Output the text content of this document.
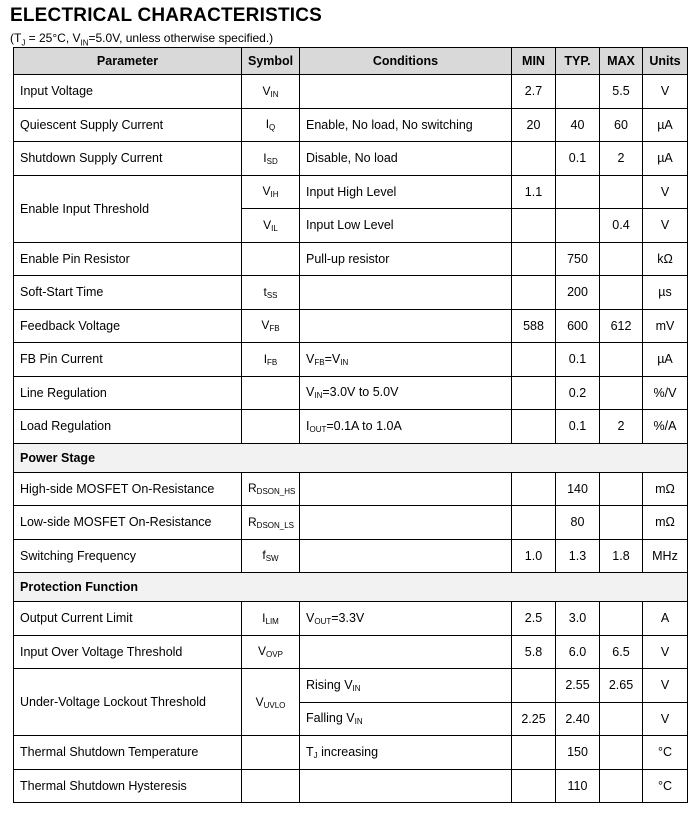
ELECTRICAL CHARACTERISTICS
($T_J = 25^\circ C$, $V_{IN}=5.0V$, unless otherwise specified.)
Parameter	Symbol	Conditions	MIN	TYP.	MAX	Units
Input Voltage	$V_{IN}$		2.7		5.5	V
Quiescent Supply Current	$I_Q$	Enable, No load, No switching	20	40	60	µA
Shutdown Supply Current	$I_{SD}$	Disable, No load		0.1	2	µA
Enable Input Threshold	$V_{IH}$	Input High Level	1.1			V
	$V_{IL}$	Input Low Level			0.4	V
Enable Pin Resistor		Pull-up resistor		750		kΩ
Soft-Start Time	$t_{SS}$			200		µs
Feedback Voltage	$V_{FB}$		588	600	612	mV
FB Pin Current	$I_{FB}$	$V_{FB}=V_{IN}$		0.1		µA
Line Regulation		$V_{IN}=3.0V$ to 5.0V		0.2		%/V
Load Regulation		$I_{OUT}=0.1A$ to 1.0A		0.1	2	%/A
Power Stage						
High-side MOSFET On-Resistance	$R_{DSON\_HS}$			140		mΩ
Low-side MOSFET On-Resistance	$R_{DSON\_LS}$			80		mΩ
Switching Frequency	$f_{SW}$		1.0	1.3	1.8	MHz
Protection Function						
Output Current Limit	$I_{LIM}$	$V_{OUT}=3.3V$	2.5	3.0		A
Input Over Voltage Threshold	$V_{OVP}$		5.8	6.0	6.5	V
Under-Voltage Lockout Threshold	$V_{UVLO}$	Rising $V_{IN}$		2.55	2.65	V
		Falling $V_{IN}$	2.25	2.40		V
Thermal Shutdown Temperature		$T_J$ increasing		150		°C
Thermal Shutdown Hysteresis				110		°C
